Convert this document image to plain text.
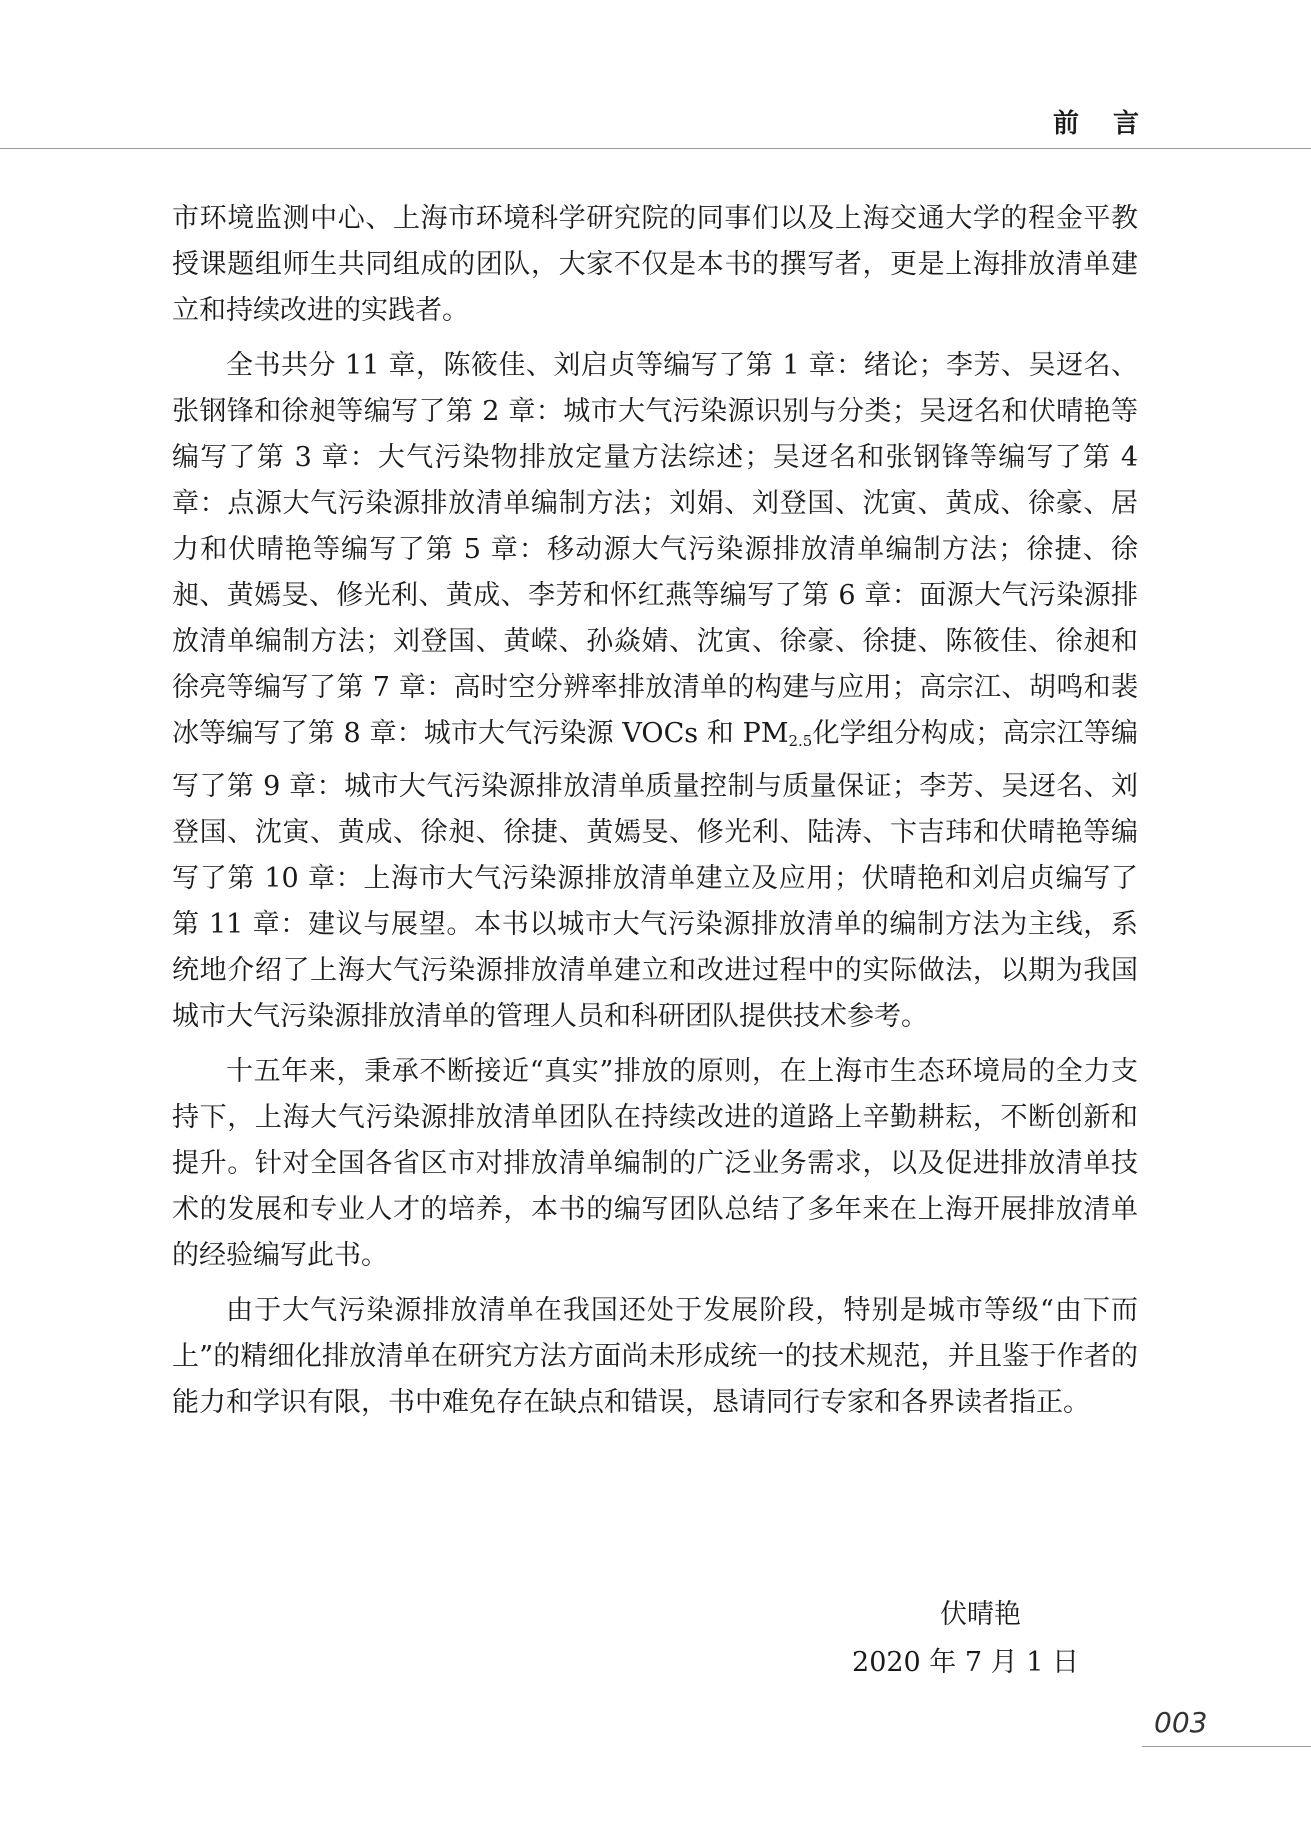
前言

市环境监测中心、上海市环境科学研究院的同事们以及上海交通大学的程金平教授课题组师生共同组成的团队，大家不仅是本书的撰写者，更是上海排放清单建立和持续改进的实践者。

全书共分 11 章，陈筱佳、刘启贞等编写了第 1 章：绪论；李芳、吴迓名、张钢锋和徐昶等编写了第 2 章：城市大气污染源识别与分类；吴迓名和伏晴艳等编写了第 3 章：大气污染物排放定量方法综述；吴迓名和张钢锋等编写了第 4 章：点源大气污染源排放清单编制方法；刘娟、刘登国、沈寅、黄成、徐豪、居力和伏晴艳等编写了第 5 章：移动源大气污染源排放清单编制方法；徐捷、徐昶、黄嫣旻、修光利、黄成、李芳和怀红燕等编写了第 6 章：面源大气污染源排放清单编制方法；刘登国、黄嵘、孙焱婧、沈寅、徐豪、徐捷、陈筱佳、徐昶和徐亮等编写了第 7 章：高时空分辨率排放清单的构建与应用；高宗江、胡鸣和裴冰等编写了第 8 章：城市大气污染源 VOCs 和 $PM_{2.5}$化学组分构成；高宗江等编写了第 9 章：城市大气污染源排放清单质量控制与质量保证；李芳、吴迓名、刘登国、沈寅、黄成、徐昶、徐捷、黄嫣旻、修光利、陆涛、卞吉玮和伏晴艳等编写了第 10 章：上海市大气污染源排放清单建立及应用；伏晴艳和刘启贞编写了第 11 章：建议与展望。本书以城市大气污染源排放清单的编制方法为主线，系统地介绍了上海大气污染源排放清单建立和改进过程中的实际做法，以期为我国城市大气污染源排放清单的管理人员和科研团队提供技术参考。

十五年来，秉承不断接近“真实”排放的原则，在上海市生态环境局的全力支持下，上海大气污染源排放清单团队在持续改进的道路上辛勤耕耘，不断创新和提升。针对全国各省区市对排放清单编制的广泛业务需求，以及促进排放清单技术的发展和专业人才的培养，本书的编写团队总结了多年来在上海开展排放清单的经验编写此书。

由于大气污染源排放清单在我国还处于发展阶段，特别是城市等级“由下而上”的精细化排放清单在研究方法方面尚未形成统一的技术规范，并且鉴于作者的能力和学识有限，书中难免存在缺点和错误，恳请同行专家和各界读者指正。

伏晴艳
2020 年 7 月 1 日
003
